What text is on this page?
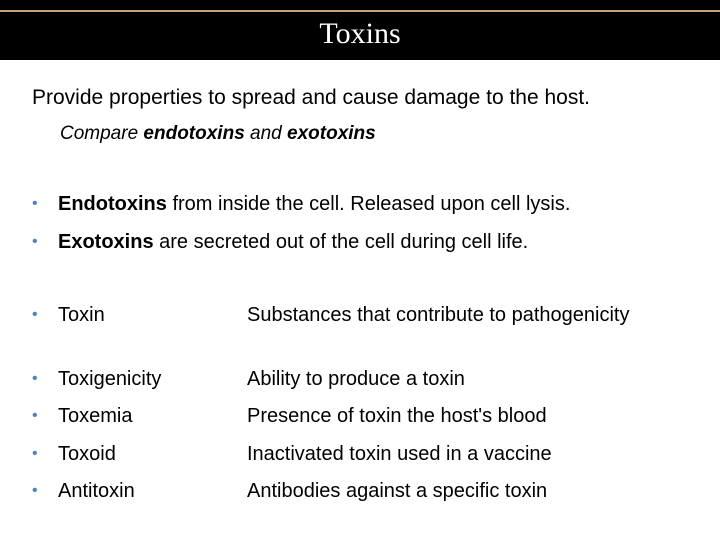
Toxins
Provide properties to spread and cause damage to the host.
Compare endotoxins and exotoxins
• Endotoxins from inside the cell. Released upon cell lysis.
• Exotoxins are secreted out of the cell during cell life.
• Toxin	Substances that contribute to pathogenicity
• Toxigenicity	Ability to produce a toxin
• Toxemia	Presence of toxin the host's blood
• Toxoid	Inactivated toxin used in a vaccine
• Antitoxin	Antibodies against a specific toxin
